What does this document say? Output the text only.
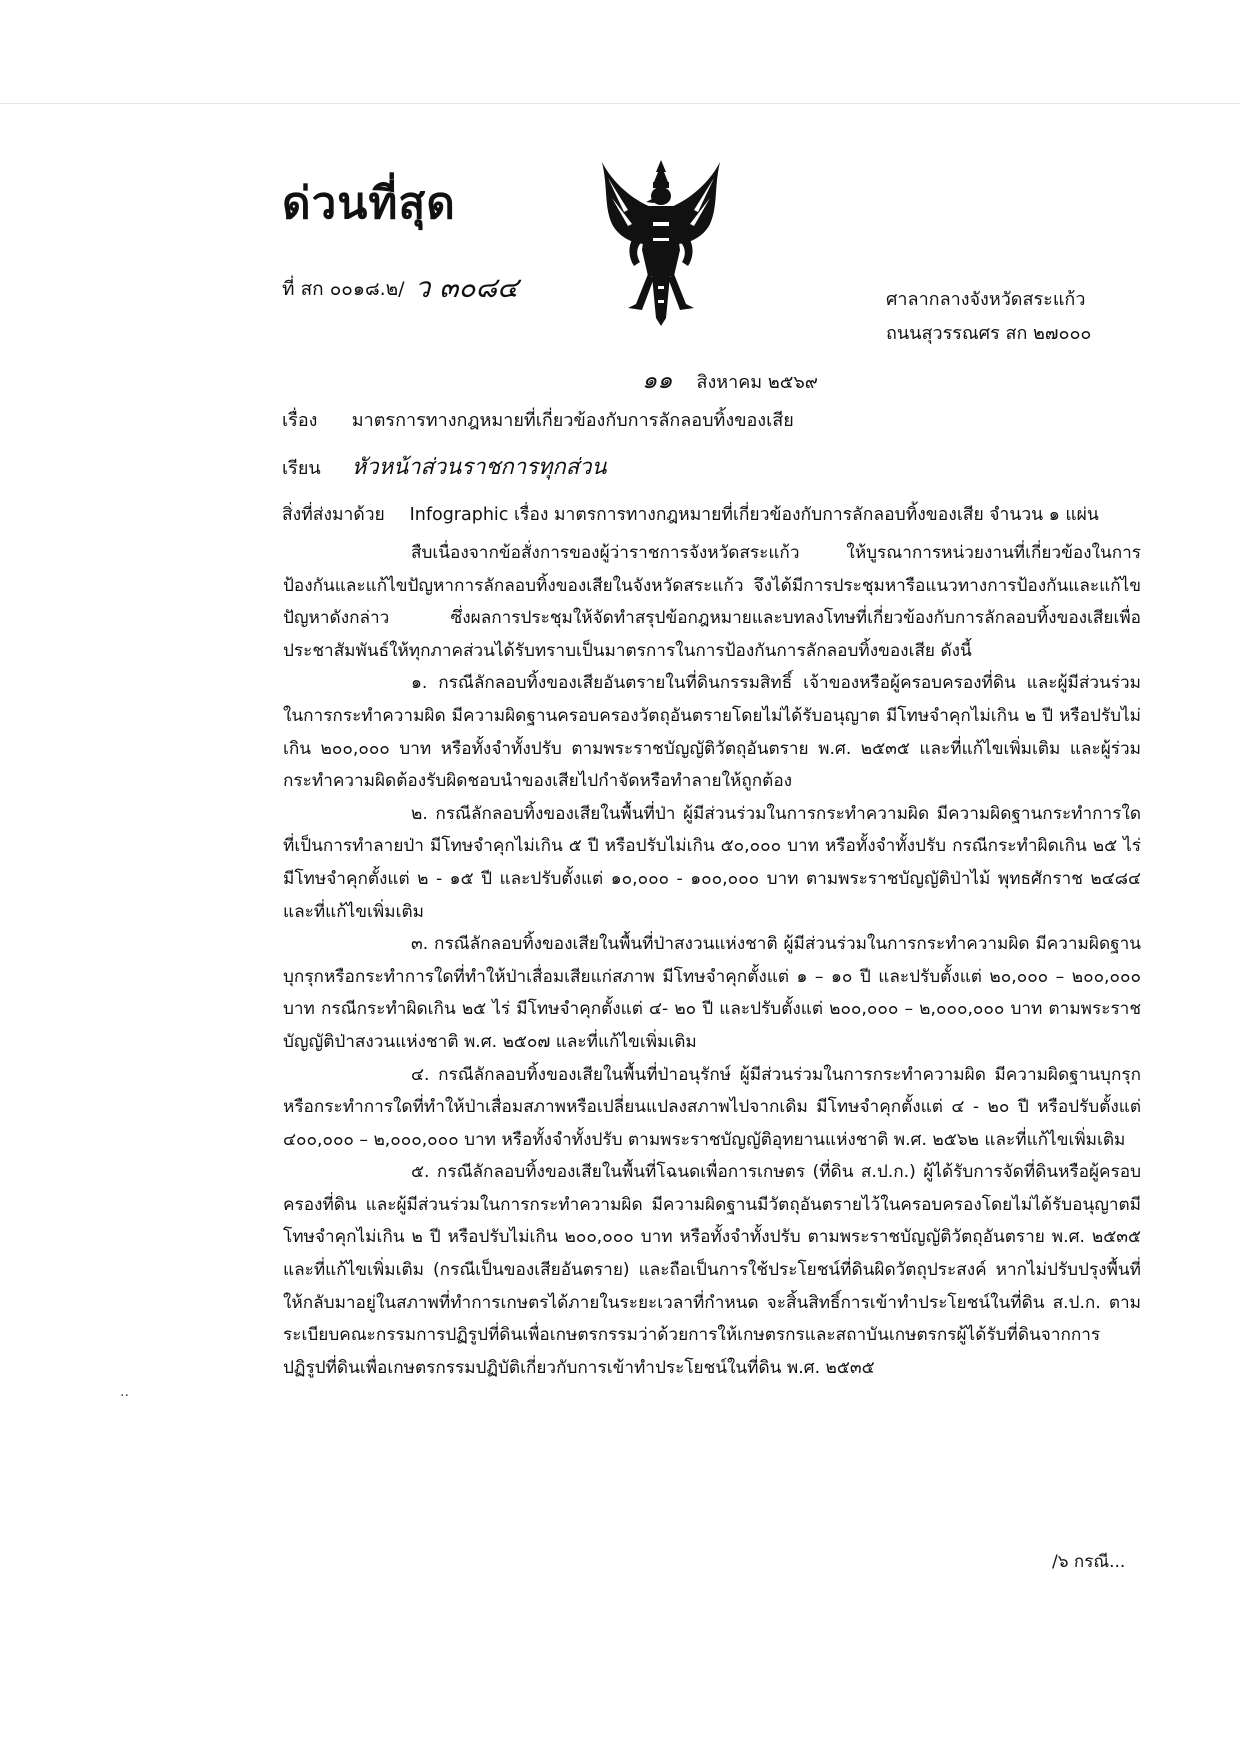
ด่วนที่สุด
ที่ สก ๐๐๑๘.๒/ ว ๓๐๘๔	ศาลากลางจังหวัดสระแก้ว
ถนนสุวรรณศร สก ๒๗๐๐๐
๑๑ สิงหาคม ๒๕๖๙
เรื่อง มาตรการทางกฎหมายที่เกี่ยวข้องกับการลักลอบทิ้งของเสีย
เรียน หัวหน้าส่วนราชการทุกส่วน
สิ่งที่ส่งมาด้วย Infographic เรื่อง มาตรการทางกฎหมายที่เกี่ยวข้องกับการลักลอบทิ้งของเสีย จำนวน ๑ แผ่น

สืบเนื่องจากข้อสั่งการของผู้ว่าราชการจังหวัดสระแก้ว ให้บูรณาการหน่วยงานที่เกี่ยวข้องในการป้องกันและแก้ไขปัญหาการลักลอบทิ้งของเสียในจังหวัดสระแก้ว จึงได้มีการประชุมหารือแนวทางการป้องกันและแก้ไขปัญหาดังกล่าว ซึ่งผลการประชุมให้จัดทำสรุปข้อกฎหมายและบทลงโทษที่เกี่ยวข้องกับการลักลอบทิ้งของเสียเพื่อประชาสัมพันธ์ให้ทุกภาคส่วนได้รับทราบเป็นมาตรการในการป้องกันการลักลอบทิ้งของเสีย ดังนี้

๑. กรณีลักลอบทิ้งของเสียอันตรายในที่ดินกรรมสิทธิ์ เจ้าของหรือผู้ครอบครองที่ดิน และผู้มีส่วนร่วมในการกระทำความผิด มีความผิดฐานครอบครองวัตถุอันตรายโดยไม่ได้รับอนุญาต มีโทษจำคุกไม่เกิน ๒ ปี หรือปรับไม่เกิน ๒๐๐,๐๐๐ บาท หรือทั้งจำทั้งปรับ ตามพระราชบัญญัติวัตถุอันตราย พ.ศ. ๒๕๓๕ และที่แก้ไขเพิ่มเติม และผู้ร่วมกระทำความผิดต้องรับผิดชอบนำของเสียไปกำจัดหรือทำลายให้ถูกต้อง

๒. กรณีลักลอบทิ้งของเสียในพื้นที่ป่า ผู้มีส่วนร่วมในการกระทำความผิด มีความผิดฐานกระทำการใดที่เป็นการทำลายป่า มีโทษจำคุกไม่เกิน ๕ ปี หรือปรับไม่เกิน ๕๐,๐๐๐ บาท หรือทั้งจำทั้งปรับ กรณีกระทำผิดเกิน ๒๕ ไร่ มีโทษจำคุกตั้งแต่ ๒ - ๑๕ ปี และปรับตั้งแต่ ๑๐,๐๐๐ - ๑๐๐,๐๐๐ บาท ตามพระราชบัญญัติป่าไม้ พุทธศักราช ๒๔๘๔ และที่แก้ไขเพิ่มเติม

๓. กรณีลักลอบทิ้งของเสียในพื้นที่ป่าสงวนแห่งชาติ ผู้มีส่วนร่วมในการกระทำความผิด มีความผิดฐานบุกรุกหรือกระทำการใดที่ทำให้ป่าเสื่อมเสียแก่สภาพ มีโทษจำคุกตั้งแต่ ๑ – ๑๐ ปี และปรับตั้งแต่ ๒๐,๐๐๐ – ๒๐๐,๐๐๐ บาท กรณีกระทำผิดเกิน ๒๕ ไร่ มีโทษจำคุกตั้งแต่ ๔- ๒๐ ปี และปรับตั้งแต่ ๒๐๐,๐๐๐ – ๒,๐๐๐,๐๐๐ บาท ตามพระราชบัญญัติป่าสงวนแห่งชาติ พ.ศ. ๒๕๐๗ และที่แก้ไขเพิ่มเติม

๔. กรณีลักลอบทิ้งของเสียในพื้นที่ป่าอนุรักษ์ ผู้มีส่วนร่วมในการกระทำความผิด มีความผิดฐานบุกรุกหรือกระทำการใดที่ทำให้ป่าเสื่อมสภาพหรือเปลี่ยนแปลงสภาพไปจากเดิม มีโทษจำคุกตั้งแต่ ๔ - ๒๐ ปี หรือปรับตั้งแต่ ๔๐๐,๐๐๐ – ๒,๐๐๐,๐๐๐ บาท หรือทั้งจำทั้งปรับ ตามพระราชบัญญัติอุทยานแห่งชาติ พ.ศ. ๒๕๖๒ และที่แก้ไขเพิ่มเติม

๕. กรณีลักลอบทิ้งของเสียในพื้นที่โฉนดเพื่อการเกษตร (ที่ดิน ส.ป.ก.) ผู้ได้รับการจัดที่ดินหรือผู้ครอบครองที่ดิน และผู้มีส่วนร่วมในการกระทำความผิด มีความผิดฐานมีวัตถุอันตรายไว้ในครอบครองโดยไม่ได้รับอนุญาตมีโทษจำคุกไม่เกิน ๒ ปี หรือปรับไม่เกิน ๒๐๐,๐๐๐ บาท หรือทั้งจำทั้งปรับ ตามพระราชบัญญัติวัตถุอันตราย พ.ศ. ๒๕๓๕ และที่แก้ไขเพิ่มเติม (กรณีเป็นของเสียอันตราย) และถือเป็นการใช้ประโยชน์ที่ดินผิดวัตถุประสงค์ หากไม่ปรับปรุงพื้นที่ให้กลับมาอยู่ในสภาพที่ทำการเกษตรได้ภายในระยะเวลาที่กำหนด จะสิ้นสิทธิ์การเข้าทำประโยชน์ในที่ดิน ส.ป.ก. ตามระเบียบคณะกรรมการปฏิรูปที่ดินเพื่อเกษตรกรรมว่าด้วยการให้เกษตรกรและสถาบันเกษตรกรผู้ได้รับที่ดินจากการปฏิรูปที่ดินเพื่อเกษตรกรรมปฏิบัติเกี่ยวกับการเข้าทำประโยชน์ในที่ดิน พ.ศ. ๒๕๓๕

..
/๖ กรณี...
